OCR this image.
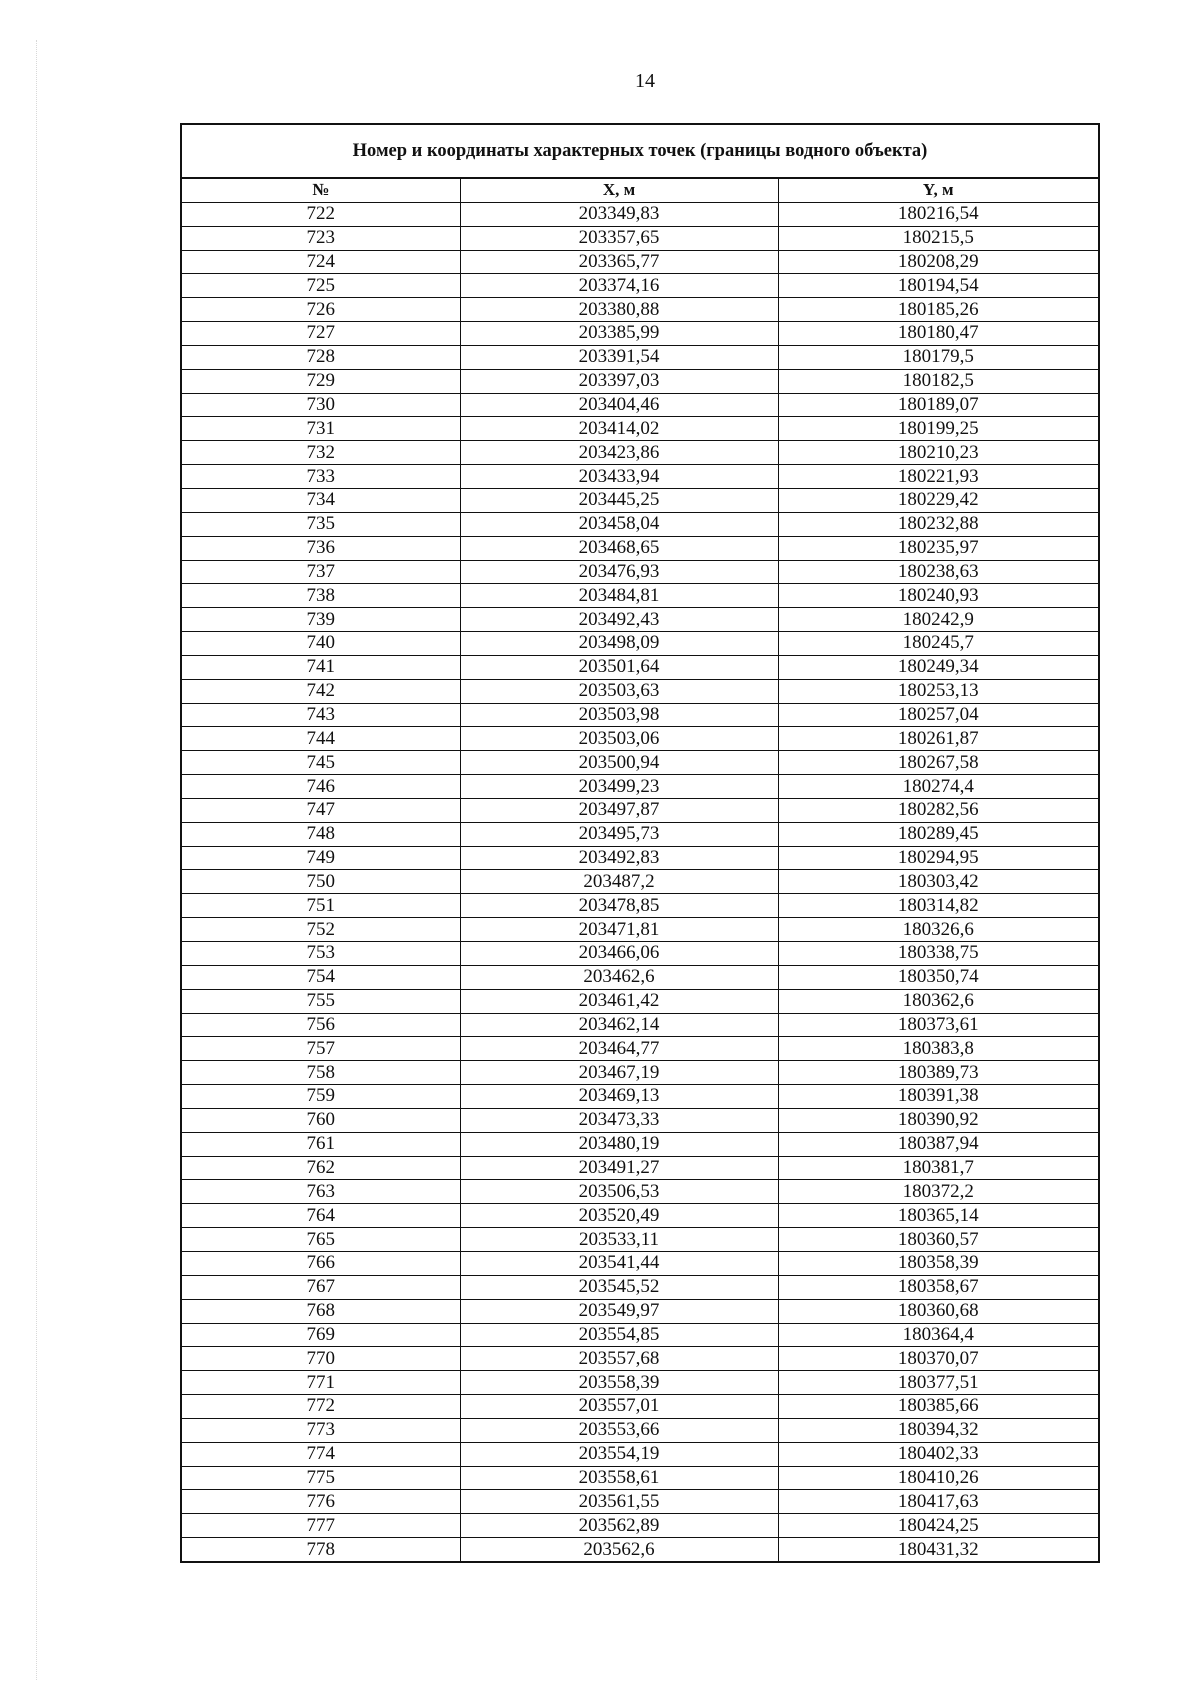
14
Номер и координаты характерных точек (границы водного объекта)
№	X, м	Y, м
722	203349,83	180216,54
723	203357,65	180215,5
724	203365,77	180208,29
725	203374,16	180194,54
726	203380,88	180185,26
727	203385,99	180180,47
728	203391,54	180179,5
729	203397,03	180182,5
730	203404,46	180189,07
731	203414,02	180199,25
732	203423,86	180210,23
733	203433,94	180221,93
734	203445,25	180229,42
735	203458,04	180232,88
736	203468,65	180235,97
737	203476,93	180238,63
738	203484,81	180240,93
739	203492,43	180242,9
740	203498,09	180245,7
741	203501,64	180249,34
742	203503,63	180253,13
743	203503,98	180257,04
744	203503,06	180261,87
745	203500,94	180267,58
746	203499,23	180274,4
747	203497,87	180282,56
748	203495,73	180289,45
749	203492,83	180294,95
750	203487,2	180303,42
751	203478,85	180314,82
752	203471,81	180326,6
753	203466,06	180338,75
754	203462,6	180350,74
755	203461,42	180362,6
756	203462,14	180373,61
757	203464,77	180383,8
758	203467,19	180389,73
759	203469,13	180391,38
760	203473,33	180390,92
761	203480,19	180387,94
762	203491,27	180381,7
763	203506,53	180372,2
764	203520,49	180365,14
765	203533,11	180360,57
766	203541,44	180358,39
767	203545,52	180358,67
768	203549,97	180360,68
769	203554,85	180364,4
770	203557,68	180370,07
771	203558,39	180377,51
772	203557,01	180385,66
773	203553,66	180394,32
774	203554,19	180402,33
775	203558,61	180410,26
776	203561,55	180417,63
777	203562,89	180424,25
778	203562,6	180431,32
